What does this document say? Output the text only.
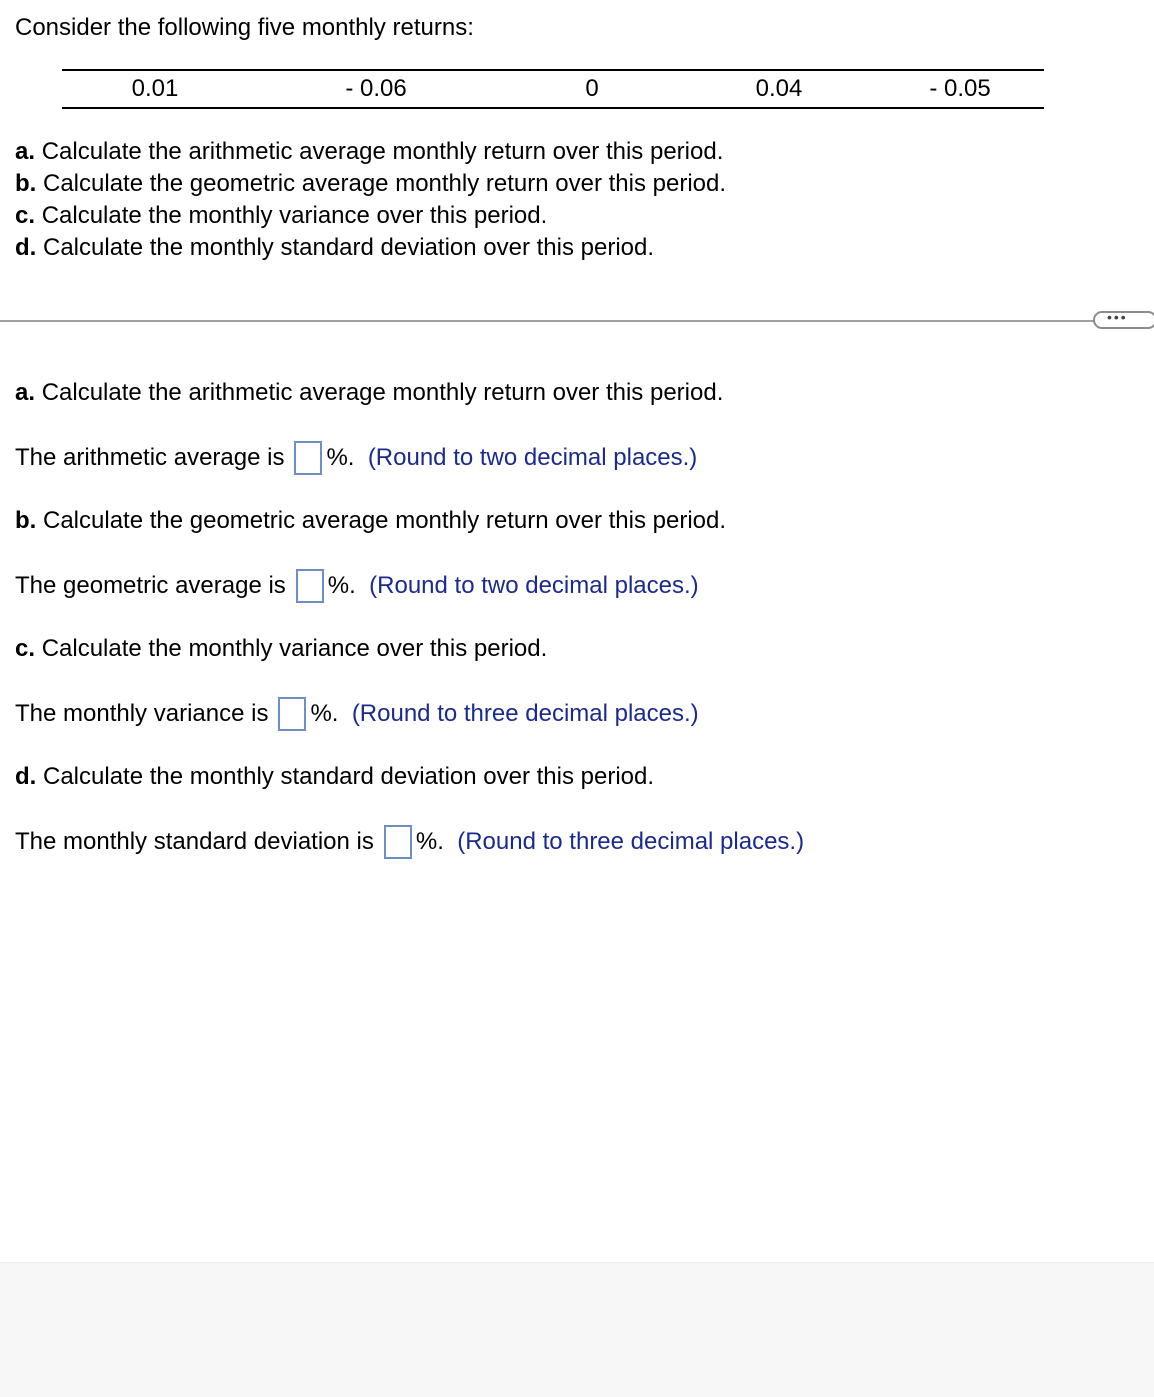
Consider the following five monthly returns:
0.01	- 0.06	0	0.04	- 0.05
a. Calculate the arithmetic average monthly return over this period.
b. Calculate the geometric average monthly return over this period.
c. Calculate the monthly variance over this period.
d. Calculate the monthly standard deviation over this period.
•••
a. Calculate the arithmetic average monthly return over this period.
The arithmetic average is %.
(Round to two decimal places.)
b. Calculate the geometric average monthly return over this period.
The geometric average is %.
(Round to two decimal places.)
c. Calculate the monthly variance over this period.
The monthly variance is %.
(Round to three decimal places.)
d. Calculate the monthly standard deviation over this period.
The monthly standard deviation is %.
(Round to three decimal places.)
